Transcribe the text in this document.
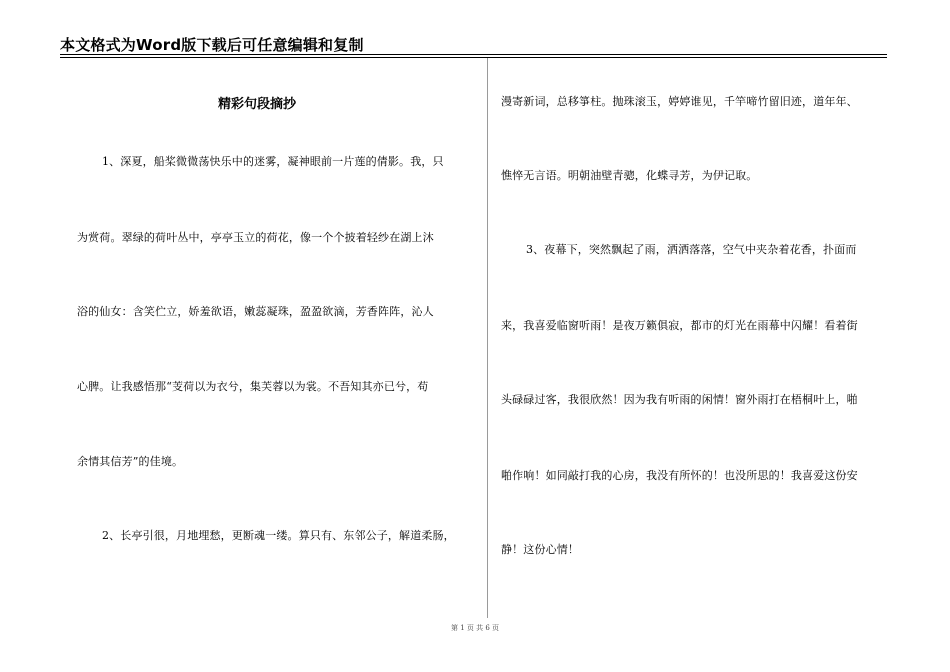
本文格式为Word版下载后可任意编辑和复制
精彩句段摘抄
1、深夏，船桨微微荡快乐中的迷雾，凝神眼前一片莲的倩影。我，只
为赏荷。翠绿的荷叶丛中，亭亭玉立的荷花，像一个个披着轻纱在湖上沐
浴的仙女：含笑伫立，娇羞欲语，嫩蕊凝珠，盈盈欲滴，芳香阵阵，沁人
心脾。让我感悟那“芰荷以为衣兮，集芙蓉以为裳。不吾知其亦已兮，苟
余情其信芳”的佳境。
2、长亭引很，月地埋愁，更断魂一缕。算只有、东邻公子，解道柔肠，
漫寄新词，总移箏柱。抛珠滚玉，婷婷谁见，千竿啼竹留旧迹，道年年、
憔悴无言语。明朝油壁青骢，化蝶寻芳，为伊记取。
3、夜幕下，突然飘起了雨，洒洒落落，空气中夹杂着花香，扑面而
来，我喜爱临窗听雨！是夜万籁俱寂，都市的灯光在雨幕中闪耀！看着街
头碌碌过客，我很欣然！因为我有听雨的闲情！窗外雨打在梧桐叶上，啪
啪作响！如同敲打我的心房，我没有所怀的！也没所思的！我喜爱这份安
静！这份心情！
第 1 页 共 6 页
